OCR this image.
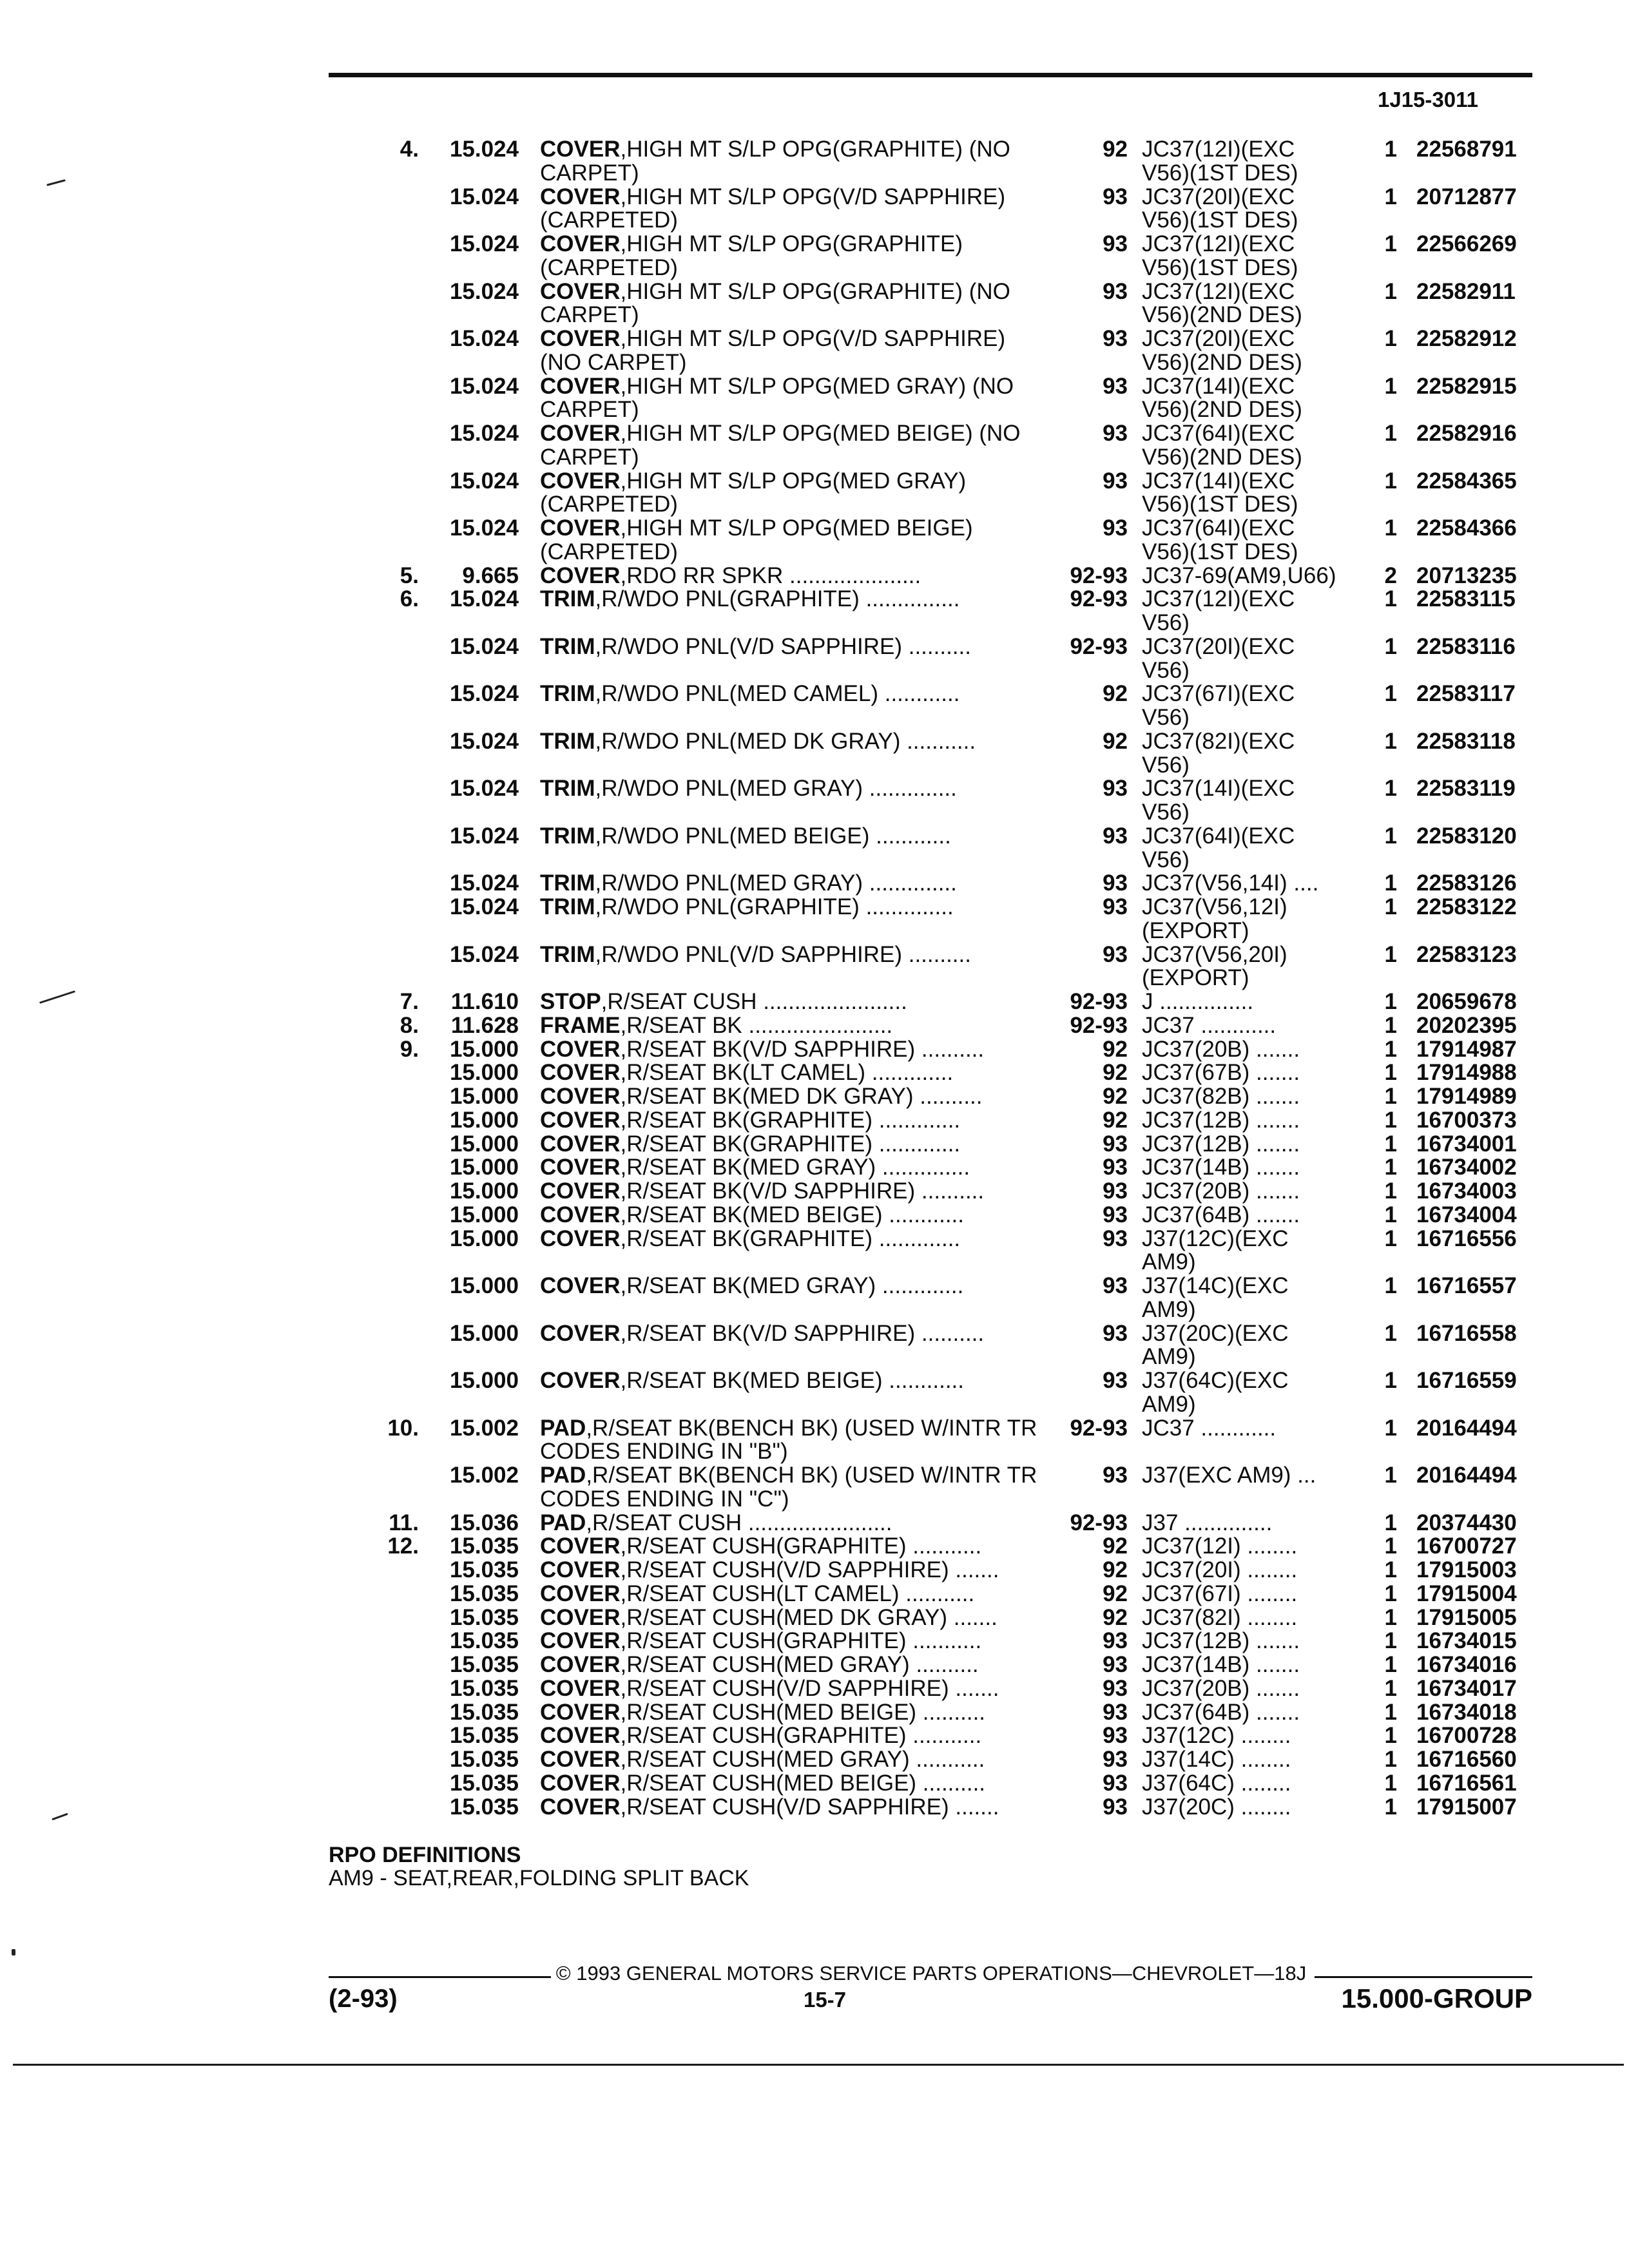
1J15-3011
4.	15.024 COVER,HIGH MT S/LP OPG(GRAPHITE) (NO	92 JC37(12I)(EXC	1 22568791
CARPET)	V56)(1ST DES)
15.024 COVER,HIGH MT S/LP OPG(V/D SAPPHIRE)	93 JC37(20I)(EXC	1 20712877
(CARPETED)	V56)(1ST DES)
15.024 COVER,HIGH MT S/LP OPG(GRAPHITE)	93 JC37(12I)(EXC	1 22566269
(CARPETED)	V56)(1ST DES)
15.024 COVER,HIGH MT S/LP OPG(GRAPHITE) (NO	93 JC37(12I)(EXC	1 22582911
CARPET)	V56)(2ND DES)
15.024 COVER,HIGH MT S/LP OPG(V/D SAPPHIRE)	93 JC37(20I)(EXC	1 22582912
(NO CARPET)	V56)(2ND DES)
15.024 COVER,HIGH MT S/LP OPG(MED GRAY) (NO	93 JC37(14I)(EXC	1 22582915
CARPET)	V56)(2ND DES)
15.024 COVER,HIGH MT S/LP OPG(MED BEIGE) (NO	93 JC37(64I)(EXC	1 22582916
CARPET)	V56)(2ND DES)
15.024 COVER,HIGH MT S/LP OPG(MED GRAY)	93 JC37(14I)(EXC	1 22584365
(CARPETED)	V56)(1ST DES)
15.024 COVER,HIGH MT S/LP OPG(MED BEIGE)	93 JC37(64I)(EXC	1 22584366
(CARPETED)	V56)(1ST DES)
5.	9.665 COVER,RDO RR SPKR .....................	92-93 JC37-69(AM9,U66)	2 20713235
6.	15.024 TRIM,R/WDO PNL(GRAPHITE) ...............	92-93 JC37(12I)(EXC	1 22583115
V56)
15.024 TRIM,R/WDO PNL(V/D SAPPHIRE) ..........	92-93 JC37(20I)(EXC	1 22583116
V56)
15.024 TRIM,R/WDO PNL(MED CAMEL) ............	92 JC37(67I)(EXC	1 22583117
V56)
15.024 TRIM,R/WDO PNL(MED DK GRAY) ...........	92 JC37(82I)(EXC	1 22583118
V56)
15.024 TRIM,R/WDO PNL(MED GRAY) ..............	93 JC37(14I)(EXC	1 22583119
V56)
15.024 TRIM,R/WDO PNL(MED BEIGE) ............	93 JC37(64I)(EXC	1 22583120
V56)
15.024 TRIM,R/WDO PNL(MED GRAY) ..............	93 JC37(V56,14I) ....	1 22583126
15.024 TRIM,R/WDO PNL(GRAPHITE) ..............	93 JC37(V56,12I)	1 22583122
(EXPORT)
15.024 TRIM,R/WDO PNL(V/D SAPPHIRE) ..........	93 JC37(V56,20I)	1 22583123
(EXPORT)
7.	11.610 STOP,R/SEAT CUSH .......................	92-93 J ...............	1 20659678
8.	11.628 FRAME,R/SEAT BK .......................	92-93 JC37 ............	1 20202395
9.	15.000 COVER,R/SEAT BK(V/D SAPPHIRE) ..........	92 JC37(20B) .......	1 17914987
15.000 COVER,R/SEAT BK(LT CAMEL) .............	92 JC37(67B) .......	1 17914988
15.000 COVER,R/SEAT BK(MED DK GRAY) ..........	92 JC37(82B) .......	1 17914989
15.000 COVER,R/SEAT BK(GRAPHITE) .............	92 JC37(12B) .......	1 16700373
15.000 COVER,R/SEAT BK(GRAPHITE) .............	93 JC37(12B) .......	1 16734001
15.000 COVER,R/SEAT BK(MED GRAY) ..............	93 JC37(14B) .......	1 16734002
15.000 COVER,R/SEAT BK(V/D SAPPHIRE) ..........	93 JC37(20B) .......	1 16734003
15.000 COVER,R/SEAT BK(MED BEIGE) ............	93 JC37(64B) .......	1 16734004
15.000 COVER,R/SEAT BK(GRAPHITE) .............	93 J37(12C)(EXC	1 16716556
AM9)
15.000 COVER,R/SEAT BK(MED GRAY) .............	93 J37(14C)(EXC	1 16716557
AM9)
15.000 COVER,R/SEAT BK(V/D SAPPHIRE) ..........	93 J37(20C)(EXC	1 16716558
AM9)
15.000 COVER,R/SEAT BK(MED BEIGE) ............	93 J37(64C)(EXC	1 16716559
AM9)
10.	15.002 PAD,R/SEAT BK(BENCH BK) (USED W/INTR TR	92-93 JC37 ............	1 20164494
CODES ENDING IN "B")
15.002 PAD,R/SEAT BK(BENCH BK) (USED W/INTR TR	93 J37(EXC AM9) ...	1 20164494
CODES ENDING IN "C")
11.	15.036 PAD,R/SEAT CUSH .......................	92-93 J37 ..............	1 20374430
12.	15.035 COVER,R/SEAT CUSH(GRAPHITE) ...........	92 JC37(12I) ........	1 16700727
15.035 COVER,R/SEAT CUSH(V/D SAPPHIRE) .......	92 JC37(20I) ........	1 17915003
15.035 COVER,R/SEAT CUSH(LT CAMEL) ...........	92 JC37(67I) ........	1 17915004
15.035 COVER,R/SEAT CUSH(MED DK GRAY) .......	92 JC37(82I) ........	1 17915005
15.035 COVER,R/SEAT CUSH(GRAPHITE) ...........	93 JC37(12B) .......	1 16734015
15.035 COVER,R/SEAT CUSH(MED GRAY) ..........	93 JC37(14B) .......	1 16734016
15.035 COVER,R/SEAT CUSH(V/D SAPPHIRE) .......	93 JC37(20B) .......	1 16734017
15.035 COVER,R/SEAT CUSH(MED BEIGE) ..........	93 JC37(64B) .......	1 16734018
15.035 COVER,R/SEAT CUSH(GRAPHITE) ...........	93 J37(12C) ........	1 16700728
15.035 COVER,R/SEAT CUSH(MED GRAY) ...........	93 J37(14C) ........	1 16716560
15.035 COVER,R/SEAT CUSH(MED BEIGE) ..........	93 J37(64C) ........	1 16716561
15.035 COVER,R/SEAT CUSH(V/D SAPPHIRE) .......	93 J37(20C) ........	1 17915007
RPO DEFINITIONS
AM9 - SEAT,REAR,FOLDING SPLIT BACK
© 1993 GENERAL MOTORS SERVICE PARTS OPERATIONS—CHEVROLET—18J
(2-93)	15-7	15.000-GROUP
